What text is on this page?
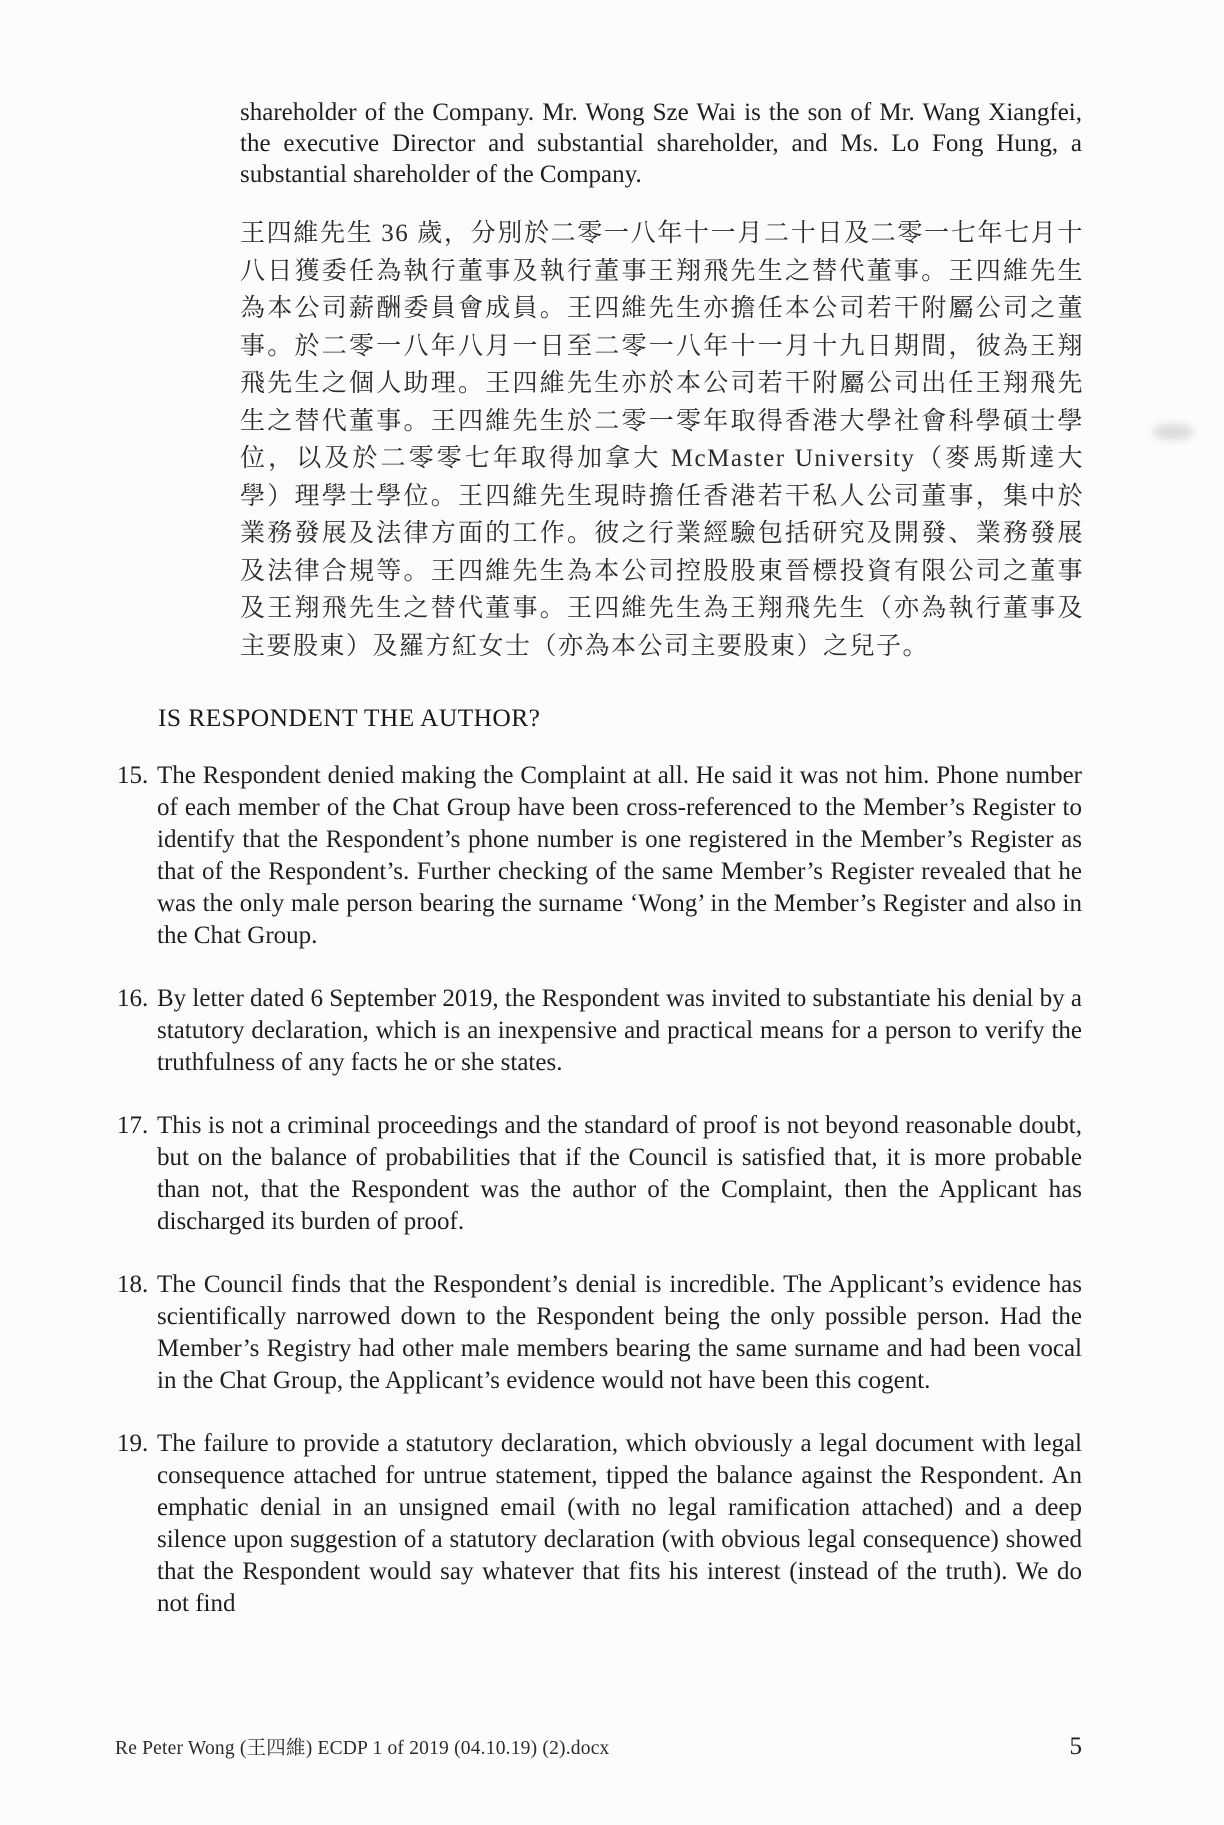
shareholder of the Company. Mr. Wong Sze Wai is the son of Mr. Wang Xiangfei, the executive Director and substantial shareholder, and Ms. Lo Fong Hung, a substantial shareholder of the Company.

王四維先生 36 歲，分別於二零一八年十一月二十日及二零一七年七月十八日獲委任為執行董事及執行董事王翔飛先生之替代董事。王四維先生為本公司薪酬委員會成員。王四維先生亦擔任本公司若干附屬公司之董事。於二零一八年八月一日至二零一八年十一月十九日期間，彼為王翔飛先生之個人助理。王四維先生亦於本公司若干附屬公司出任王翔飛先生之替代董事。王四維先生於二零一零年取得香港大學社會科學碩士學位，以及於二零零七年取得加拿大 McMaster University（麥馬斯達大學）理學士學位。王四維先生現時擔任香港若干私人公司董事，集中於業務發展及法律方面的工作。彼之行業經驗包括研究及開發、業務發展及法律合規等。王四維先生為本公司控股股東晉標投資有限公司之董事及王翔飛先生之替代董事。王四維先生為王翔飛先生（亦為執行董事及主要股東）及羅方紅女士（亦為本公司主要股東）之兒子。

IS RESPONDENT THE AUTHOR?
15. The Respondent denied making the Complaint at all. He said it was not him. Phone number of each member of the Chat Group have been cross-referenced to the Member’s Register to identify that the Respondent’s phone number is one registered in the Member’s Register as that of the Respondent’s. Further checking of the same Member’s Register revealed that he was the only male person bearing the surname ‘Wong’ in the Member’s Register and also in the Chat Group.

16. By letter dated 6 September 2019, the Respondent was invited to substantiate his denial by a statutory declaration, which is an inexpensive and practical means for a person to verify the truthfulness of any facts he or she states.

17. This is not a criminal proceedings and the standard of proof is not beyond reasonable doubt, but on the balance of probabilities that if the Council is satisfied that, it is more probable than not, that the Respondent was the author of the Complaint, then the Applicant has discharged its burden of proof.

18. The Council finds that the Respondent’s denial is incredible. The Applicant’s evidence has scientifically narrowed down to the Respondent being the only possible person. Had the Member’s Registry had other male members bearing the same surname and had been vocal in the Chat Group, the Applicant’s evidence would not have been this cogent.

19. The failure to provide a statutory declaration, which obviously a legal document with legal consequence attached for untrue statement, tipped the balance against the Respondent. An emphatic denial in an unsigned email (with no legal ramification attached) and a deep silence upon suggestion of a statutory declaration (with obvious legal consequence) showed that the Respondent would say whatever that fits his interest (instead of the truth). We do not find

Re Peter Wong (王四維) ECDP 1 of 2019 (04.10.19) (2).docx	5
